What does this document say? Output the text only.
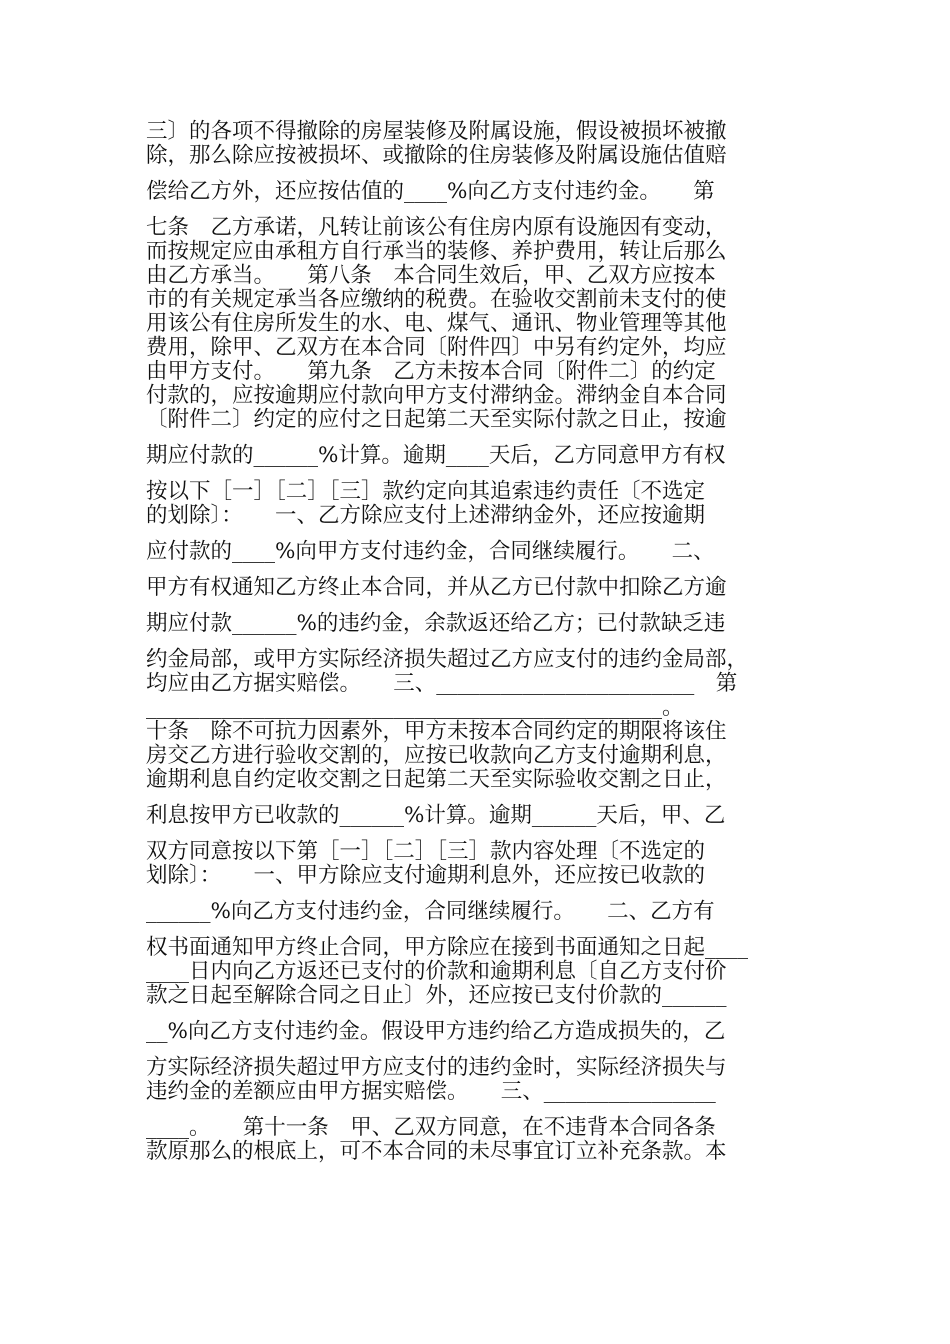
三〕的各项不得撤除的房屋装修及附属设施，假设被损坏被撤
除，那么除应按被损坏、或撤除的住房装修及附属设施估值赔
偿给乙方外，还应按估值的____%向乙方支付违约金。　　第
七条　乙方承诺，凡转让前该公有住房内原有设施因有变动，
而按规定应由承租方自行承当的装修、养护费用，转让后那么
由乙方承当。　　第八条　本合同生效后，甲、乙双方应按本
市的有关规定承当各应缴纳的税费。在验收交割前未支付的使
用该公有住房所发生的水、电、煤气、通讯、物业管理等其他
费用，除甲、乙双方在本合同〔附件四〕中另有约定外，均应
由甲方支付。　　第九条　乙方未按本合同〔附件二〕的约定
付款的，应按逾期应付款向甲方支付滞纳金。滞纳金自本合同
〔附件二〕约定的应付之日起第二天至实际付款之日止，按逾
期应付款的______%计算。逾期____天后，乙方同意甲方有权
按以下［一］［二］［三］款约定向其追索违约责任〔不选定
的划除〕：　　一、乙方除应支付上述滞纳金外，还应按逾期
应付款的____%向甲方支付违约金，合同继续履行。　　二、
甲方有权通知乙方终止本合同，并从乙方已付款中扣除乙方逾
期应付款______%的违约金，余款返还给乙方；已付款缺乏违
约金局部，或甲方实际经济损失超过乙方应支付的违约金局部，
均应由乙方据实赔偿。　　三、________________________　第
________________________________________________。
十条　除不可抗力因素外，甲方未按本合同约定的期限将该住
房交乙方进行验收交割的，应按已收款向乙方支付逾期利息，
逾期利息自约定收交割之日起第二天至实际验收交割之日止，
利息按甲方已收款的______%计算。逾期______天后，甲、乙
双方同意按以下第［一］［二］［三］款内容处理〔不选定的
划除〕：　　一、甲方除应支付逾期利息外，还应按已收款的
______%向乙方支付违约金，合同继续履行。　　二、乙方有
权书面通知甲方终止合同，甲方除应在接到书面通知之日起____
____日内向乙方返还已支付的价款和逾期利息〔自乙方支付价
款之日起至解除合同之日止〕外，还应按已支付价款的______
__%向乙方支付违约金。假设甲方违约给乙方造成损失的，乙
方实际经济损失超过甲方应支付的违约金时，实际经济损失与
违约金的差额应由甲方据实赔偿。　　三、________________
____。　　第十一条　甲、乙双方同意，在不违背本合同各条
款原那么的根底上，可不本合同的未尽事宜订立补充条款。本
